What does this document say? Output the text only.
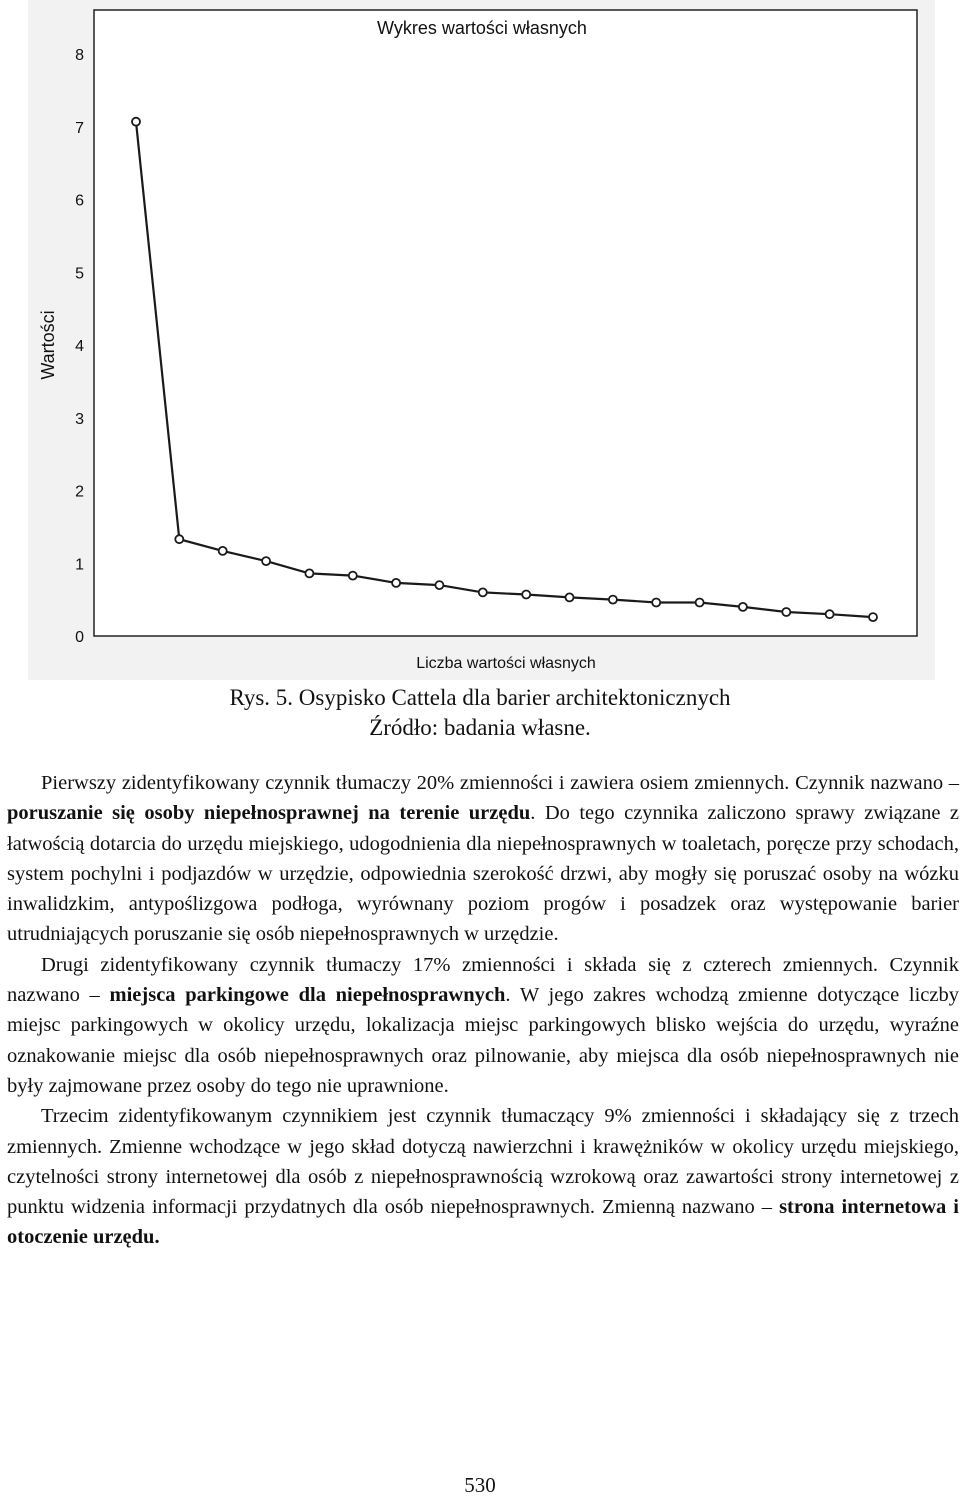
Wykres wartości własnych
Wartości
Liczba wartości własnych
0
1
2
3
4
5
6
7
8
Rys. 5. Osypisko Cattela dla barier architektonicznych
Źródło: badania własne.

Pierwszy zidentyfikowany czynnik tłumaczy 20% zmienności i zawiera osiem zmiennych. Czynnik nazwano – poruszanie się osoby niepełnosprawnej na terenie urzędu. Do tego czynnika zaliczono sprawy związane z łatwością dotarcia do urzędu miejskiego, udogodnienia dla niepełnosprawnych w toaletach, poręcze przy schodach, system pochylni i podjazdów w urzędzie, odpowiednia szerokość drzwi, aby mogły się poruszać osoby na wózku inwalidzkim, antypoślizgowa podłoga, wyrównany poziom progów i posadzek oraz występowanie barier utrudniających poruszanie się osób niepełnosprawnych w urzędzie.

Drugi zidentyfikowany czynnik tłumaczy 17% zmienności i składa się z czterech zmiennych. Czynnik nazwano – miejsca parkingowe dla niepełnosprawnych. W jego zakres wchodzą zmienne dotyczące liczby miejsc parkingowych w okolicy urzędu, lokalizacja miejsc parkingowych blisko wejścia do urzędu, wyraźne oznakowanie miejsc dla osób niepełnosprawnych oraz pilnowanie, aby miejsca dla osób niepełnosprawnych nie były zajmowane przez osoby do tego nie uprawnione.

Trzecim zidentyfikowanym czynnikiem jest czynnik tłumaczący 9% zmienności i składający się z trzech zmiennych. Zmienne wchodzące w jego skład dotyczą nawierzchni i krawężników w okolicy urzędu miejskiego, czytelności strony internetowej dla osób z niepełnosprawnością wzrokową oraz zawartości strony internetowej z punktu widzenia informacji przydatnych dla osób niepełnosprawnych. Zmienną nazwano – strona internetowa i otoczenie urzędu.

530
